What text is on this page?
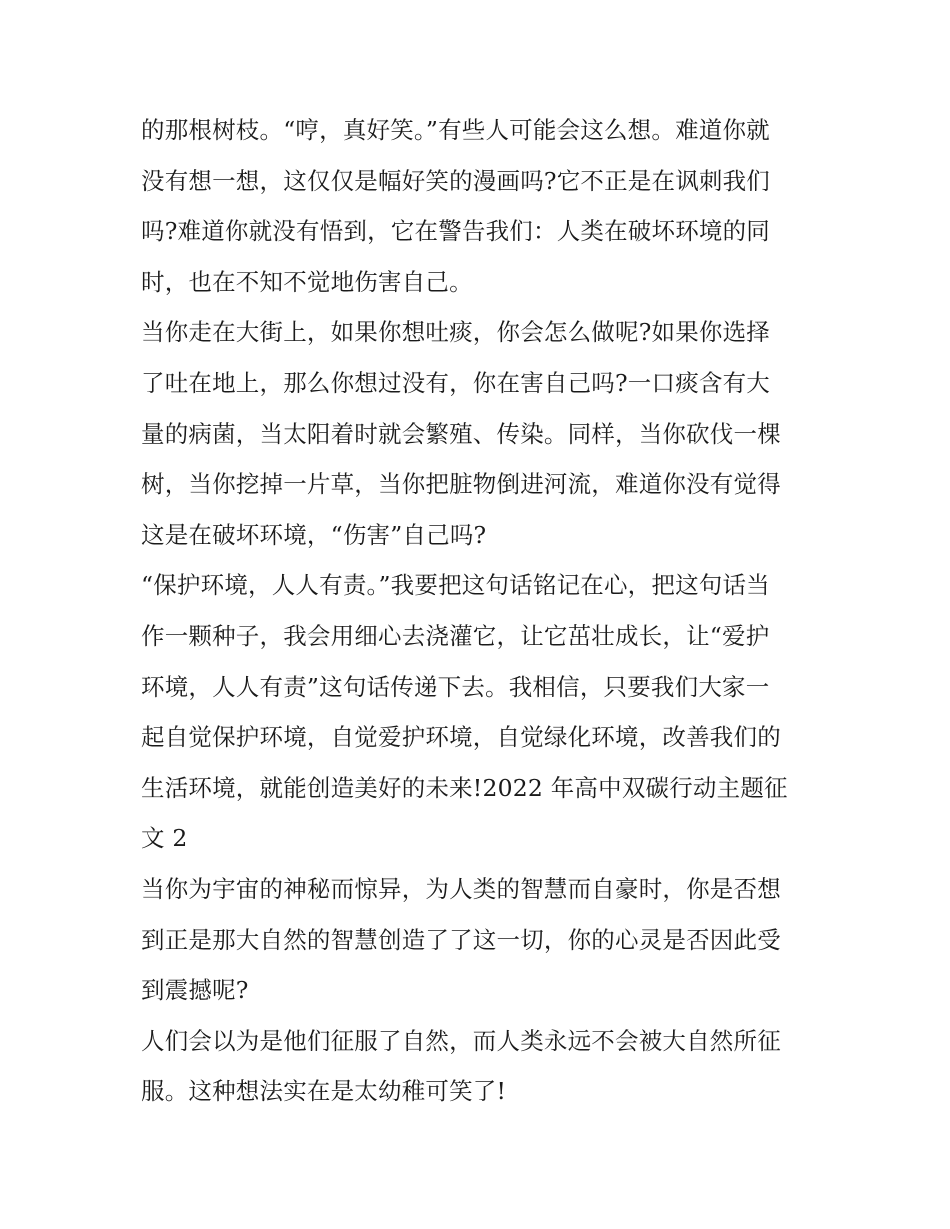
的那根树枝。“哼，真好笑。”有些人可能会这么想。难道你就
没有想一想，这仅仅是幅好笑的漫画吗?它不正是在讽刺我们
吗?难道你就没有悟到，它在警告我们：人类在破坏环境的同
时，也在不知不觉地伤害自己。
当你走在大街上，如果你想吐痰，你会怎么做呢?如果你选择
了吐在地上，那么你想过没有，你在害自己吗?一口痰含有大
量的病菌，当太阳着时就会繁殖、传染。同样，当你砍伐一棵
树，当你挖掉一片草，当你把脏物倒进河流，难道你没有觉得
这是在破坏环境，“伤害”自己吗?
“保护环境，人人有责。”我要把这句话铭记在心，把这句话当
作一颗种子，我会用细心去浇灌它，让它茁壮成长，让“爱护
环境，人人有责”这句话传递下去。我相信，只要我们大家一
起自觉保护环境，自觉爱护环境，自觉绿化环境，改善我们的
生活环境，就能创造美好的未来!2022 年高中双碳行动主题征
文 2
当你为宇宙的神秘而惊异，为人类的智慧而自豪时，你是否想
到正是那大自然的智慧创造了了这一切，你的心灵是否因此受
到震撼呢?
人们会以为是他们征服了自然，而人类永远不会被大自然所征
服。这种想法实在是太幼稚可笑了!
